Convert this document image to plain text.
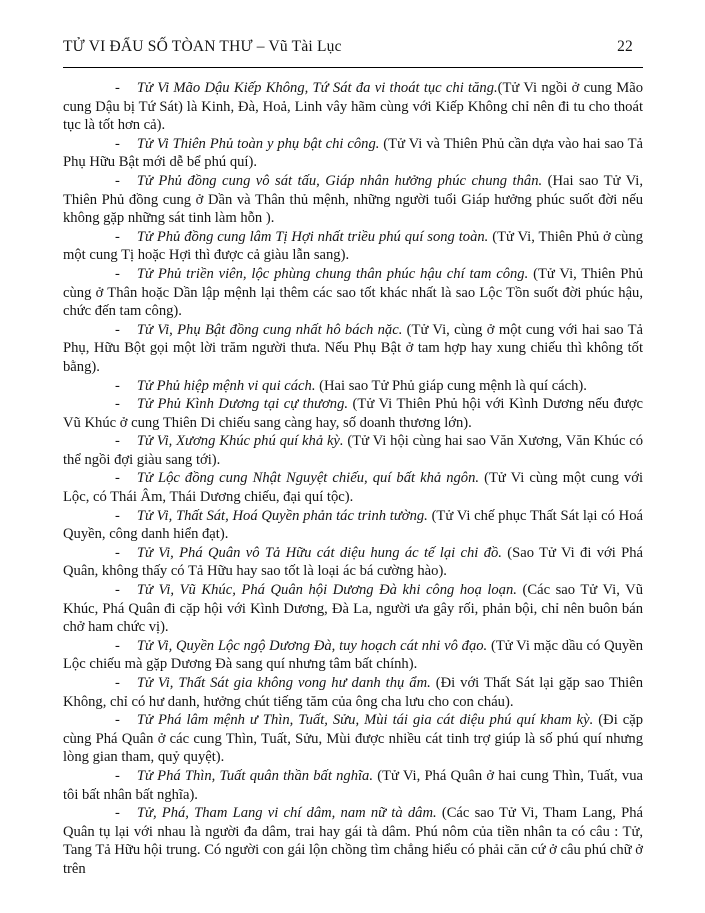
TỬ VI ĐẨU SỐ TÒAN THƯ – Vũ Tài Lục	22

- Tử Vi Mão Dậu Kiếp Không, Tứ Sát đa vi thoát tục chi tăng.(Tử Vi ngồi ở cung Mão cung Dậu bị Tứ Sát) là Kinh, Đà, Hoả, Linh vây hãm cùng với Kiếp Không chỉ nên đi tu cho thoát tục là tốt hơn cả).

- Tử Vi Thiên Phủ toàn y phụ bật chi công. (Tử Vi và Thiên Phủ cần dựa vào hai sao Tả Phụ Hữu Bật mới dễ bể phú quí).

- Tử Phủ đồng cung vô sát tấu, Giáp nhân hưởng phúc chung thân. (Hai sao Tử Vi, Thiên Phủ đồng cung ở Dần và Thân thủ mệnh, những người tuổi Giáp hưởng phúc suốt đời nếu không gặp những sát tinh làm hỗn ).

- Tử Phủ đồng cung lâm Tị Hợi nhất triều phú quí song toàn. (Tử Vi, Thiên Phủ ở cùng một cung Tị hoặc Hợi thì được cả giàu lẫn sang).

- Tử Phủ triền viên, lộc phùng chung thân phúc hậu chí tam công. (Tử Vi, Thiên Phủ cùng ở Thân hoặc Dần lập mệnh lại thêm các sao tốt khác nhất là sao Lộc Tồn suốt đời phúc hậu, chức đến tam công).

- Tử Vi, Phụ Bật đồng cung nhất hô bách nặc. (Tử Vi, cùng ở một cung với hai sao Tả Phụ, Hữu Bột gọi một lời trăm người thưa. Nếu Phụ Bật ở tam hợp hay xung chiếu thì không tốt bằng).

- Tử Phủ hiệp mệnh vi qui cách. (Hai sao Tử Phủ giáp cung mệnh là quí cách).

- Tử Phủ Kình Dương tại cự thương. (Tử Vi Thiên Phủ hội với Kình Dương nếu được Vũ Khúc ở cung Thiên Di chiếu sang càng hay, số doanh thương lớn).

- Tử Vi, Xương Khúc phú quí khả kỳ. (Tử Vi hội cùng hai sao Văn Xương, Văn Khúc có thể ngồi đợi giàu sang tới).

- Tử Lộc đồng cung Nhật Nguyệt chiếu, quí bất khả ngôn. (Tử Vi cùng một cung với Lộc, có Thái Âm, Thái Dương chiếu, đại quí tộc).

- Tử Vi, Thất Sát, Hoá Quyền phản tác trinh tường. (Tử Vi chế phục Thất Sát lại có Hoá Quyền, công danh hiển đạt).

- Tử Vi, Phá Quân vô Tả Hữu cát diệu hung ác tế lại chi đồ. (Sao Tử Vi đi với Phá Quân, không thấy có Tả Hữu hay sao tốt là loại ác bá cường hào).

- Tử Vi, Vũ Khúc, Phá Quân hội Dương Đà khi công hoạ loạn. (Các sao Tử Vi, Vũ Khúc, Phá Quân đi cặp hội với Kình Dương, Đà La, người ưa gây rối, phản bội, chỉ nên buôn bán chở ham chức vị).

- Tử Vi, Quyền Lộc ngộ Dương Đà, tuy hoạch cát nhi vô đạo. (Tử Vi mặc dầu có Quyền Lộc chiếu mà gặp Dương Đà sang quí nhưng tâm bất chính).

- Tử Vi, Thất Sát gia không vong hư danh thụ ẩm. (Đi với Thất Sát lại gặp sao Thiên Không, chỉ có hư danh, hưởng chút tiếng tăm của ông cha lưu cho con cháu).

- Tử Phá lâm mệnh ư Thìn, Tuất, Sửu, Mùi tái gia cát diệu phú quí kham kỳ. (Đi cặp cùng Phá Quân ở các cung Thìn, Tuất, Sửu, Mùi được nhiều cát tinh trợ giúp là số phú quí nhưng lòng gian tham, quỷ quyệt).

- Tử Phá Thìn, Tuất quân thần bất nghĩa. (Tử Vi, Phá Quân ở hai cung Thìn, Tuất, vua tôi bất nhân bất nghĩa).

- Tử, Phá, Tham Lang vi chí dâm, nam nữ tà dâm. (Các sao Tử Vi, Tham Lang, Phá Quân tụ lại với nhau là người đa dâm, trai hay gái tà dâm. Phú nôm của tiền nhân ta có câu : Tử, Tang Tả Hữu hội trung. Có người con gái lộn chồng tìm chẳng hiểu có phải căn cứ ở câu phú chữ ở trên
